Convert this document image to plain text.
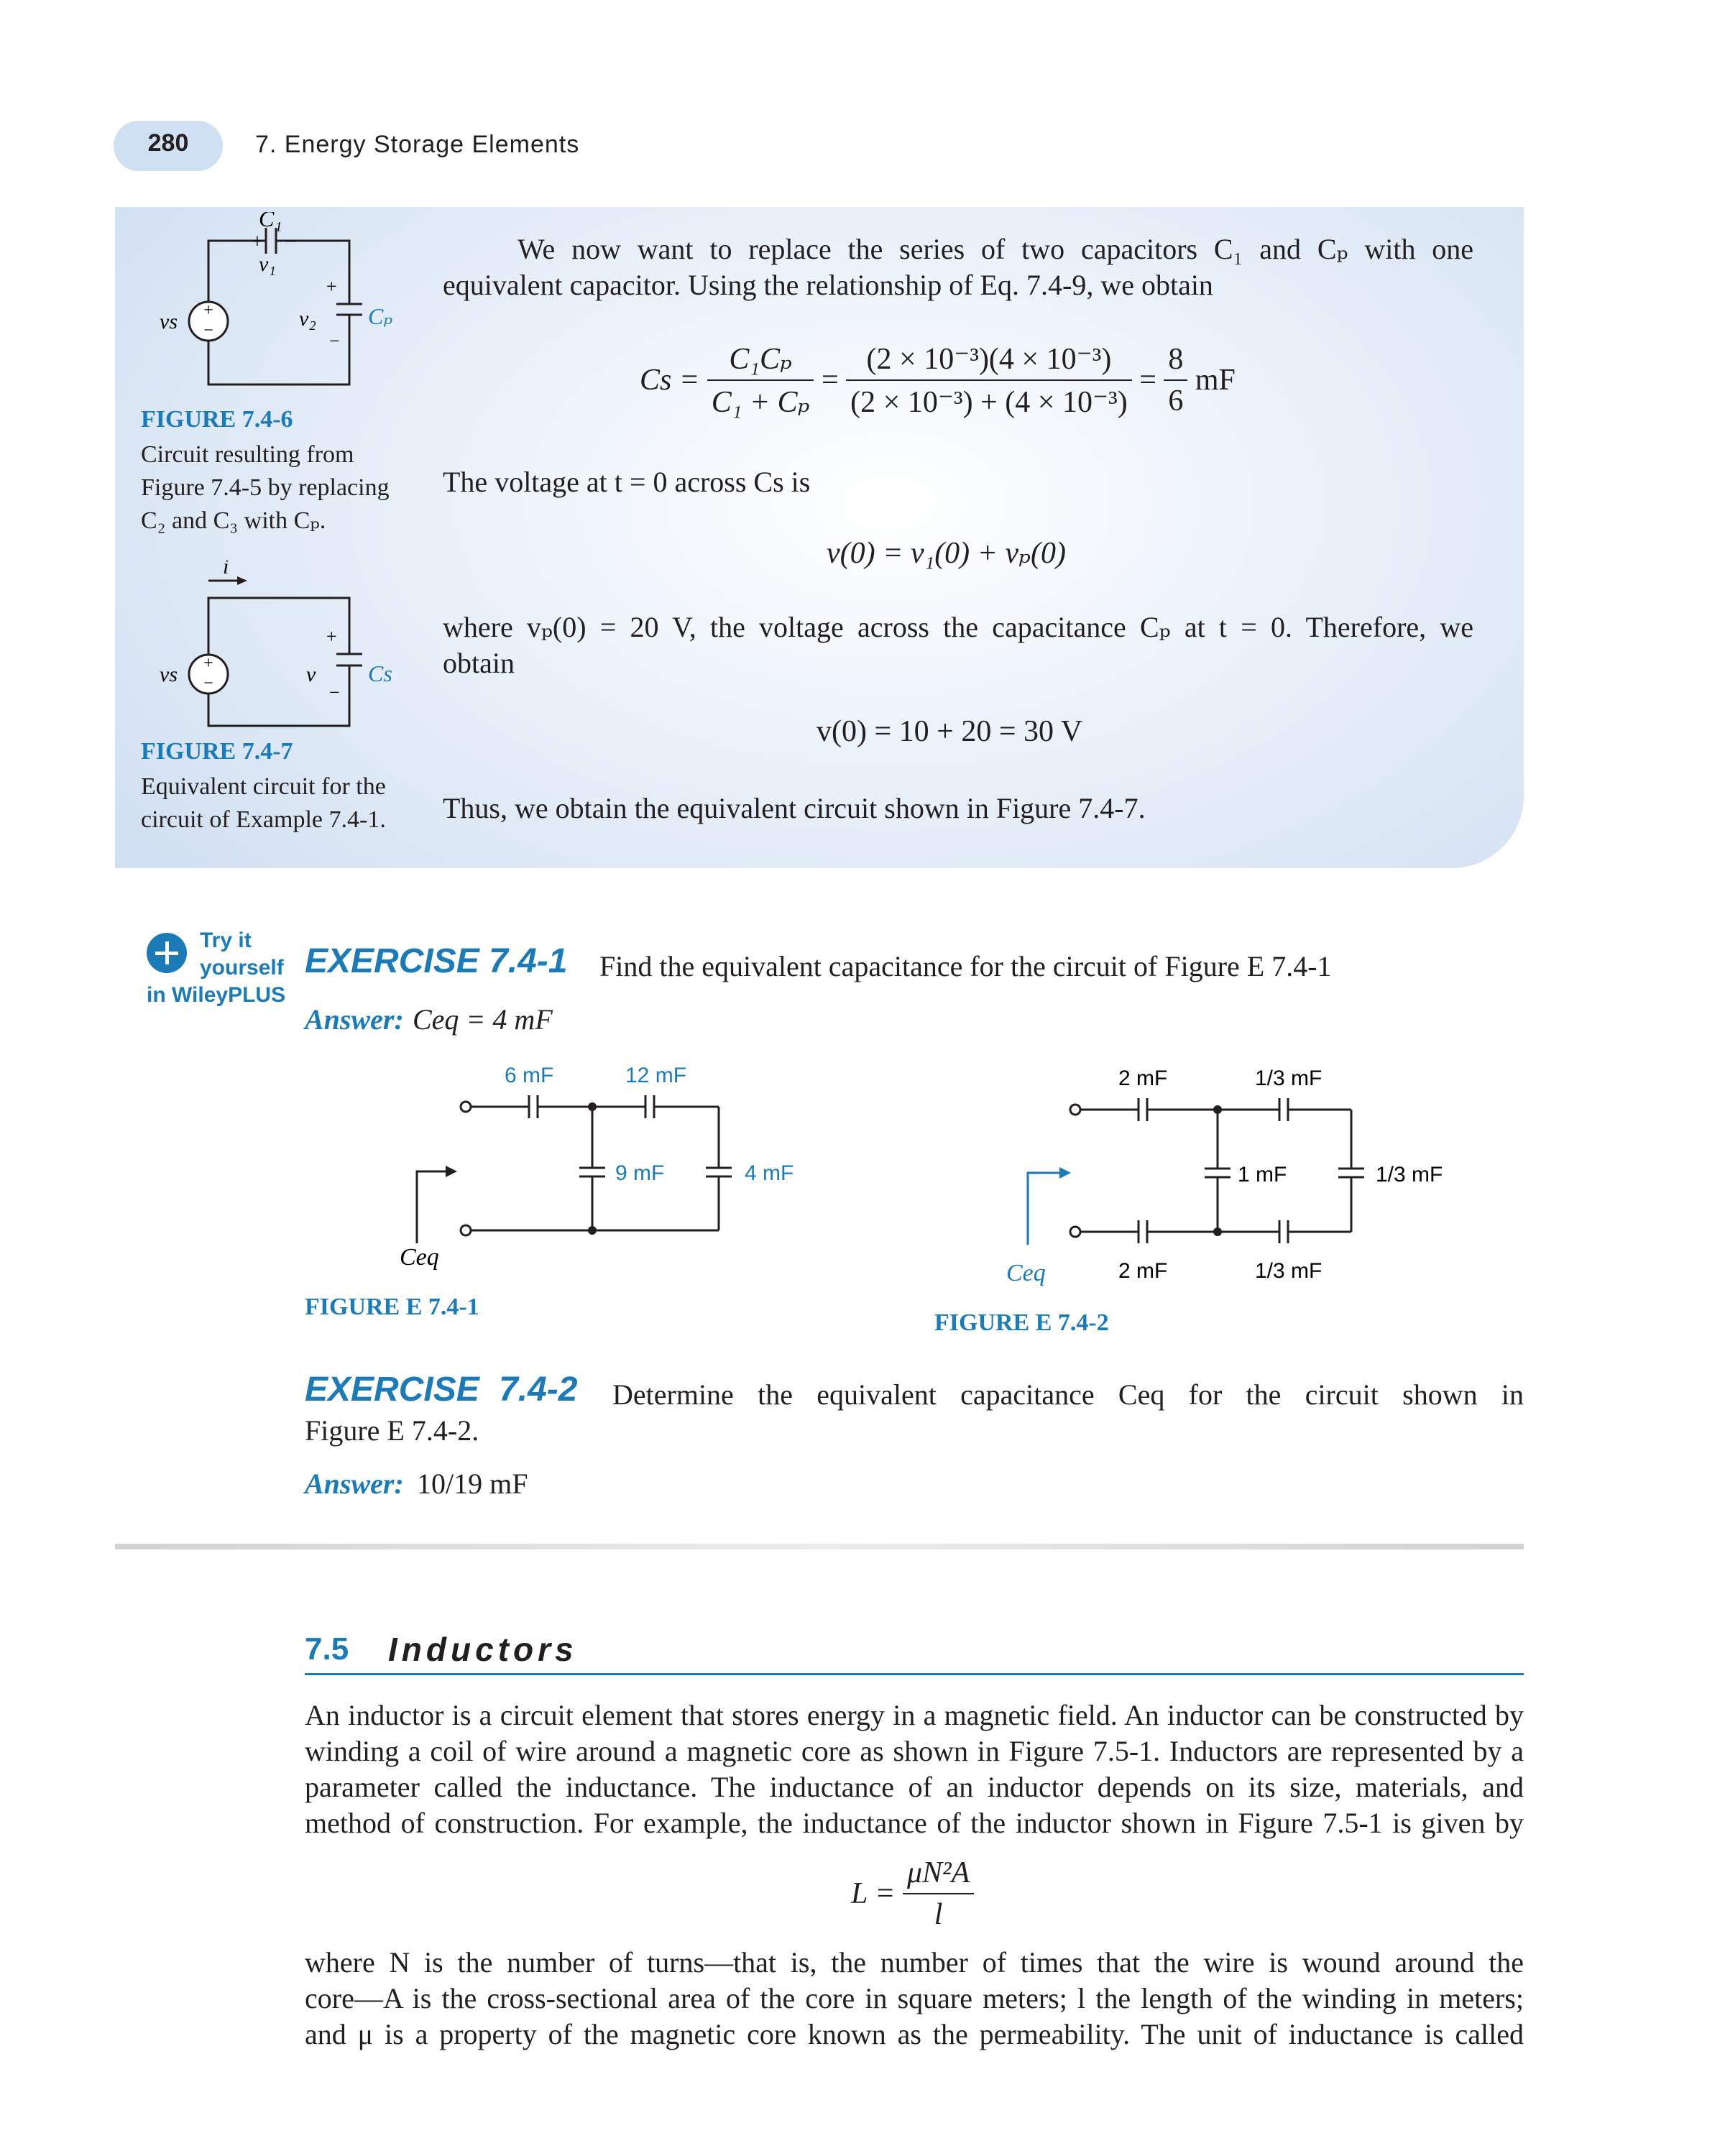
280	7. Energy Storage Elements
+
−
C₁
+ −
v₁
vs	v₂
+
−
Cₚ
FIGURE 7.4-6
Circuit resulting from
Figure 7.4-5 by replacing
C₂ and C₃ with Cₚ.
i
+
−
vs	v
+
−
Cs
FIGURE 7.4-7
Equivalent circuit for the
circuit of Example 7.4-1.
We now want to replace the series of two capacitors C₁ and Cₚ with one
equivalent capacitor. Using the relationship of Eq. 7.4-9, we obtain
$Cs = \frac{\text{C₁Cₚ}}{\text{C₁ + Cₚ}} = \frac{\text{(2 × 10⁻³)(4 × 10⁻³)}}{\text{(2 × 10⁻³) + (4 × 10⁻³)}} = \frac{8}{6}$ mF
The voltage at t = 0 across Cs is
v(0) = v₁(0) + vₚ(0)
where vₚ(0) = 20 V, the voltage across the capacitance Cₚ at t = 0. Therefore, we
obtain
v(0) = 10 + 20 = 30 V
Thus, we obtain the equivalent circuit shown in Figure 7.4-7.
Try it
yourself
in WileyPLUS
EXERCISE 7.4-1 Find the equivalent capacitance for the circuit of Figure E 7.4-1
Answer: Ceq = 4 mF
6 mF	12 mF
9 mF	4 mF
Ceq
FIGURE E 7.4-1
2 mF	1/3 mF
1 mF	1/3 mF
2 mF	1/3 mF
Ceq
FIGURE E 7.4-2
EXERCISE 7.4-2 Determine the equivalent capacitance Ceq for the circuit shown in
Figure E 7.4-2.
Answer: 10/19 mF
7.5 Inductors
An inductor is a circuit element that stores energy in a magnetic field. An inductor can be constructed by
winding a coil of wire around a magnetic core as shown in Figure 7.5-1. Inductors are represented by a
parameter called the inductance. The inductance of an inductor depends on its size, materials, and
method of construction. For example, the inductance of the inductor shown in Figure 7.5-1 is given by
$L = \frac{\text{μN²A}}{l}$
where N is the number of turns—that is, the number of times that the wire is wound around the
core—A is the cross-sectional area of the core in square meters; l the length of the winding in meters;
and μ is a property of the magnetic core known as the permeability. The unit of inductance is called
